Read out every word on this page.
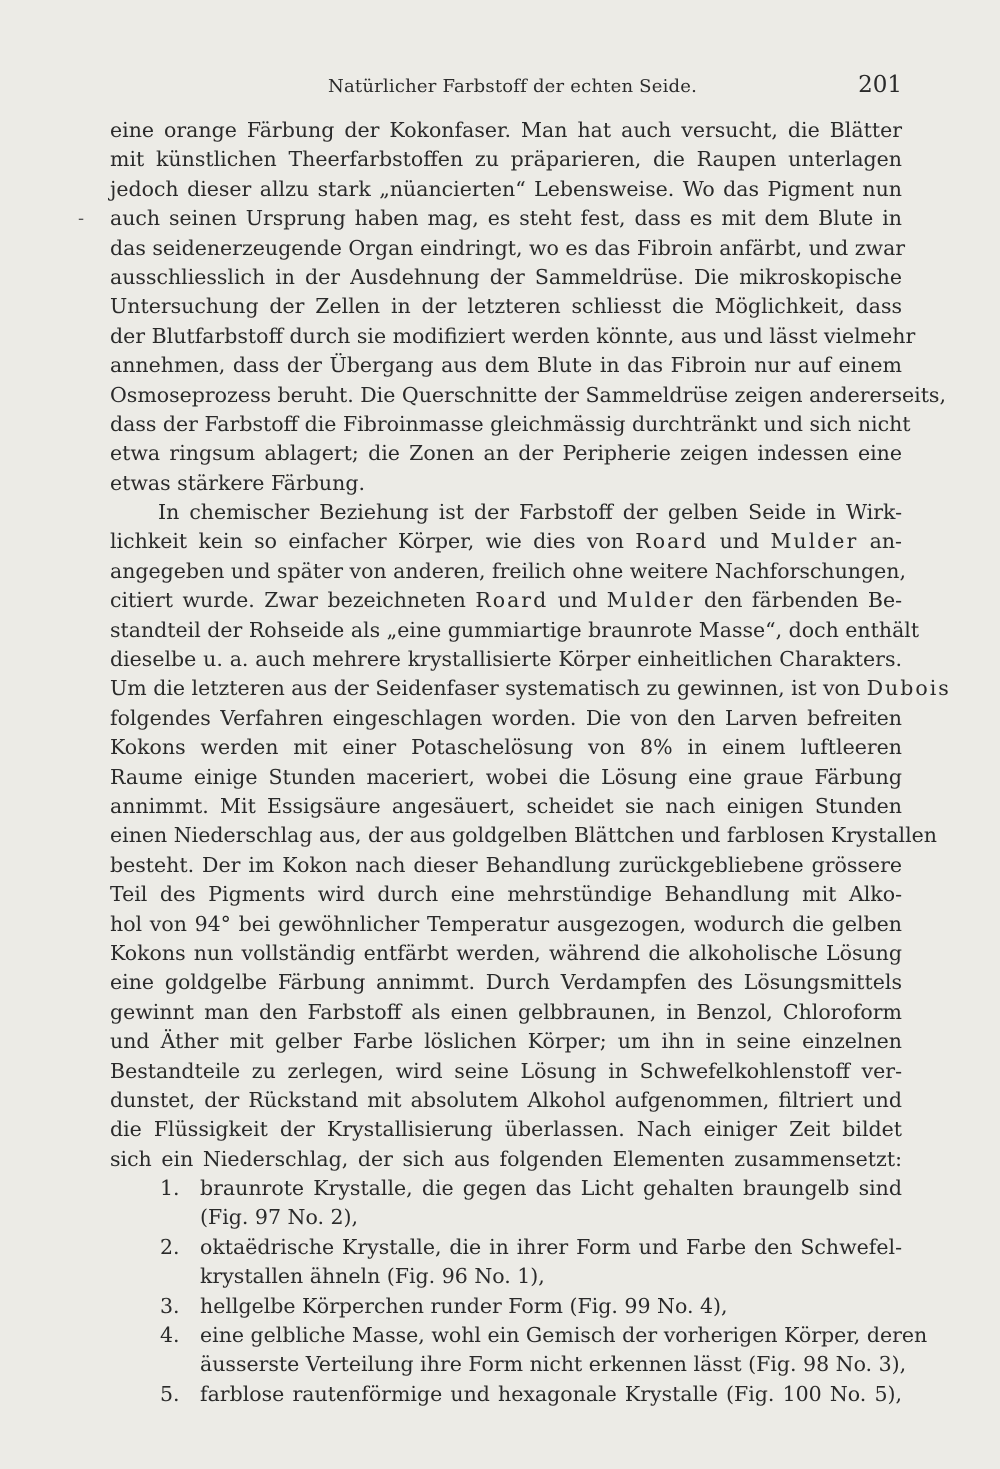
Natürlicher Farbstoff der echten Seide.	201
-
eine orange Färbung der Kokonfaser. Man hat auch versucht, die Blätter
mit künstlichen Theerfarbstoffen zu präparieren, die Raupen unterlagen
jedoch dieser allzu stark „nüancierten“ Lebensweise. Wo das Pigment nun
auch seinen Ursprung haben mag, es steht fest, dass es mit dem Blute in
das seidenerzeugende Organ eindringt, wo es das Fibroin anfärbt, und zwar
ausschliesslich in der Ausdehnung der Sammeldrüse. Die mikroskopische
Untersuchung der Zellen in der letzteren schliesst die Möglichkeit, dass
der Blutfarbstoff durch sie modifiziert werden könnte, aus und lässt vielmehr
annehmen, dass der Übergang aus dem Blute in das Fibroin nur auf einem
Osmoseprozess beruht. Die Querschnitte der Sammeldrüse zeigen andererseits,
dass der Farbstoff die Fibroinmasse gleichmässig durchtränkt und sich nicht
etwa ringsum ablagert; die Zonen an der Peripherie zeigen indessen eine
etwas stärkere Färbung.
In chemischer Beziehung ist der Farbstoff der gelben Seide in Wirk-
lichkeit kein so einfacher Körper, wie dies von Roard und Mulder an-
angegeben und später von anderen, freilich ohne weitere Nachforschungen,
citiert wurde. Zwar bezeichneten Roard und Mulder den färbenden Be-
standteil der Rohseide als „eine gummiartige braunrote Masse“, doch enthält
dieselbe u. a. auch mehrere krystallisierte Körper einheitlichen Charakters.
Um die letzteren aus der Seidenfaser systematisch zu gewinnen, ist von Dubois
folgendes Verfahren eingeschlagen worden. Die von den Larven befreiten
Kokons werden mit einer Potaschelösung von 8% in einem luftleeren
Raume einige Stunden maceriert, wobei die Lösung eine graue Färbung
annimmt. Mit Essigsäure angesäuert, scheidet sie nach einigen Stunden
einen Niederschlag aus, der aus goldgelben Blättchen und farblosen Krystallen
besteht. Der im Kokon nach dieser Behandlung zurückgebliebene grössere
Teil des Pigments wird durch eine mehrstündige Behandlung mit Alko-
hol von 94° bei gewöhnlicher Temperatur ausgezogen, wodurch die gelben
Kokons nun vollständig entfärbt werden, während die alkoholische Lösung
eine goldgelbe Färbung annimmt. Durch Verdampfen des Lösungsmittels
gewinnt man den Farbstoff als einen gelbbraunen, in Benzol, Chloroform
und Äther mit gelber Farbe löslichen Körper; um ihn in seine einzelnen
Bestandteile zu zerlegen, wird seine Lösung in Schwefelkohlenstoff ver-
dunstet, der Rückstand mit absolutem Alkohol aufgenommen, filtriert und
die Flüssigkeit der Krystallisierung überlassen. Nach einiger Zeit bildet
sich ein Niederschlag, der sich aus folgenden Elementen zusammensetzt:
1. braunrote Krystalle, die gegen das Licht gehalten braungelb sind
(Fig. 97 No. 2),
2. oktaëdrische Krystalle, die in ihrer Form und Farbe den Schwefel-
krystallen ähneln (Fig. 96 No. 1),
3. hellgelbe Körperchen runder Form (Fig. 99 No. 4),
4. eine gelbliche Masse, wohl ein Gemisch der vorherigen Körper, deren
äusserste Verteilung ihre Form nicht erkennen lässt (Fig. 98 No. 3),
5. farblose rautenförmige und hexagonale Krystalle (Fig. 100 No. 5),
